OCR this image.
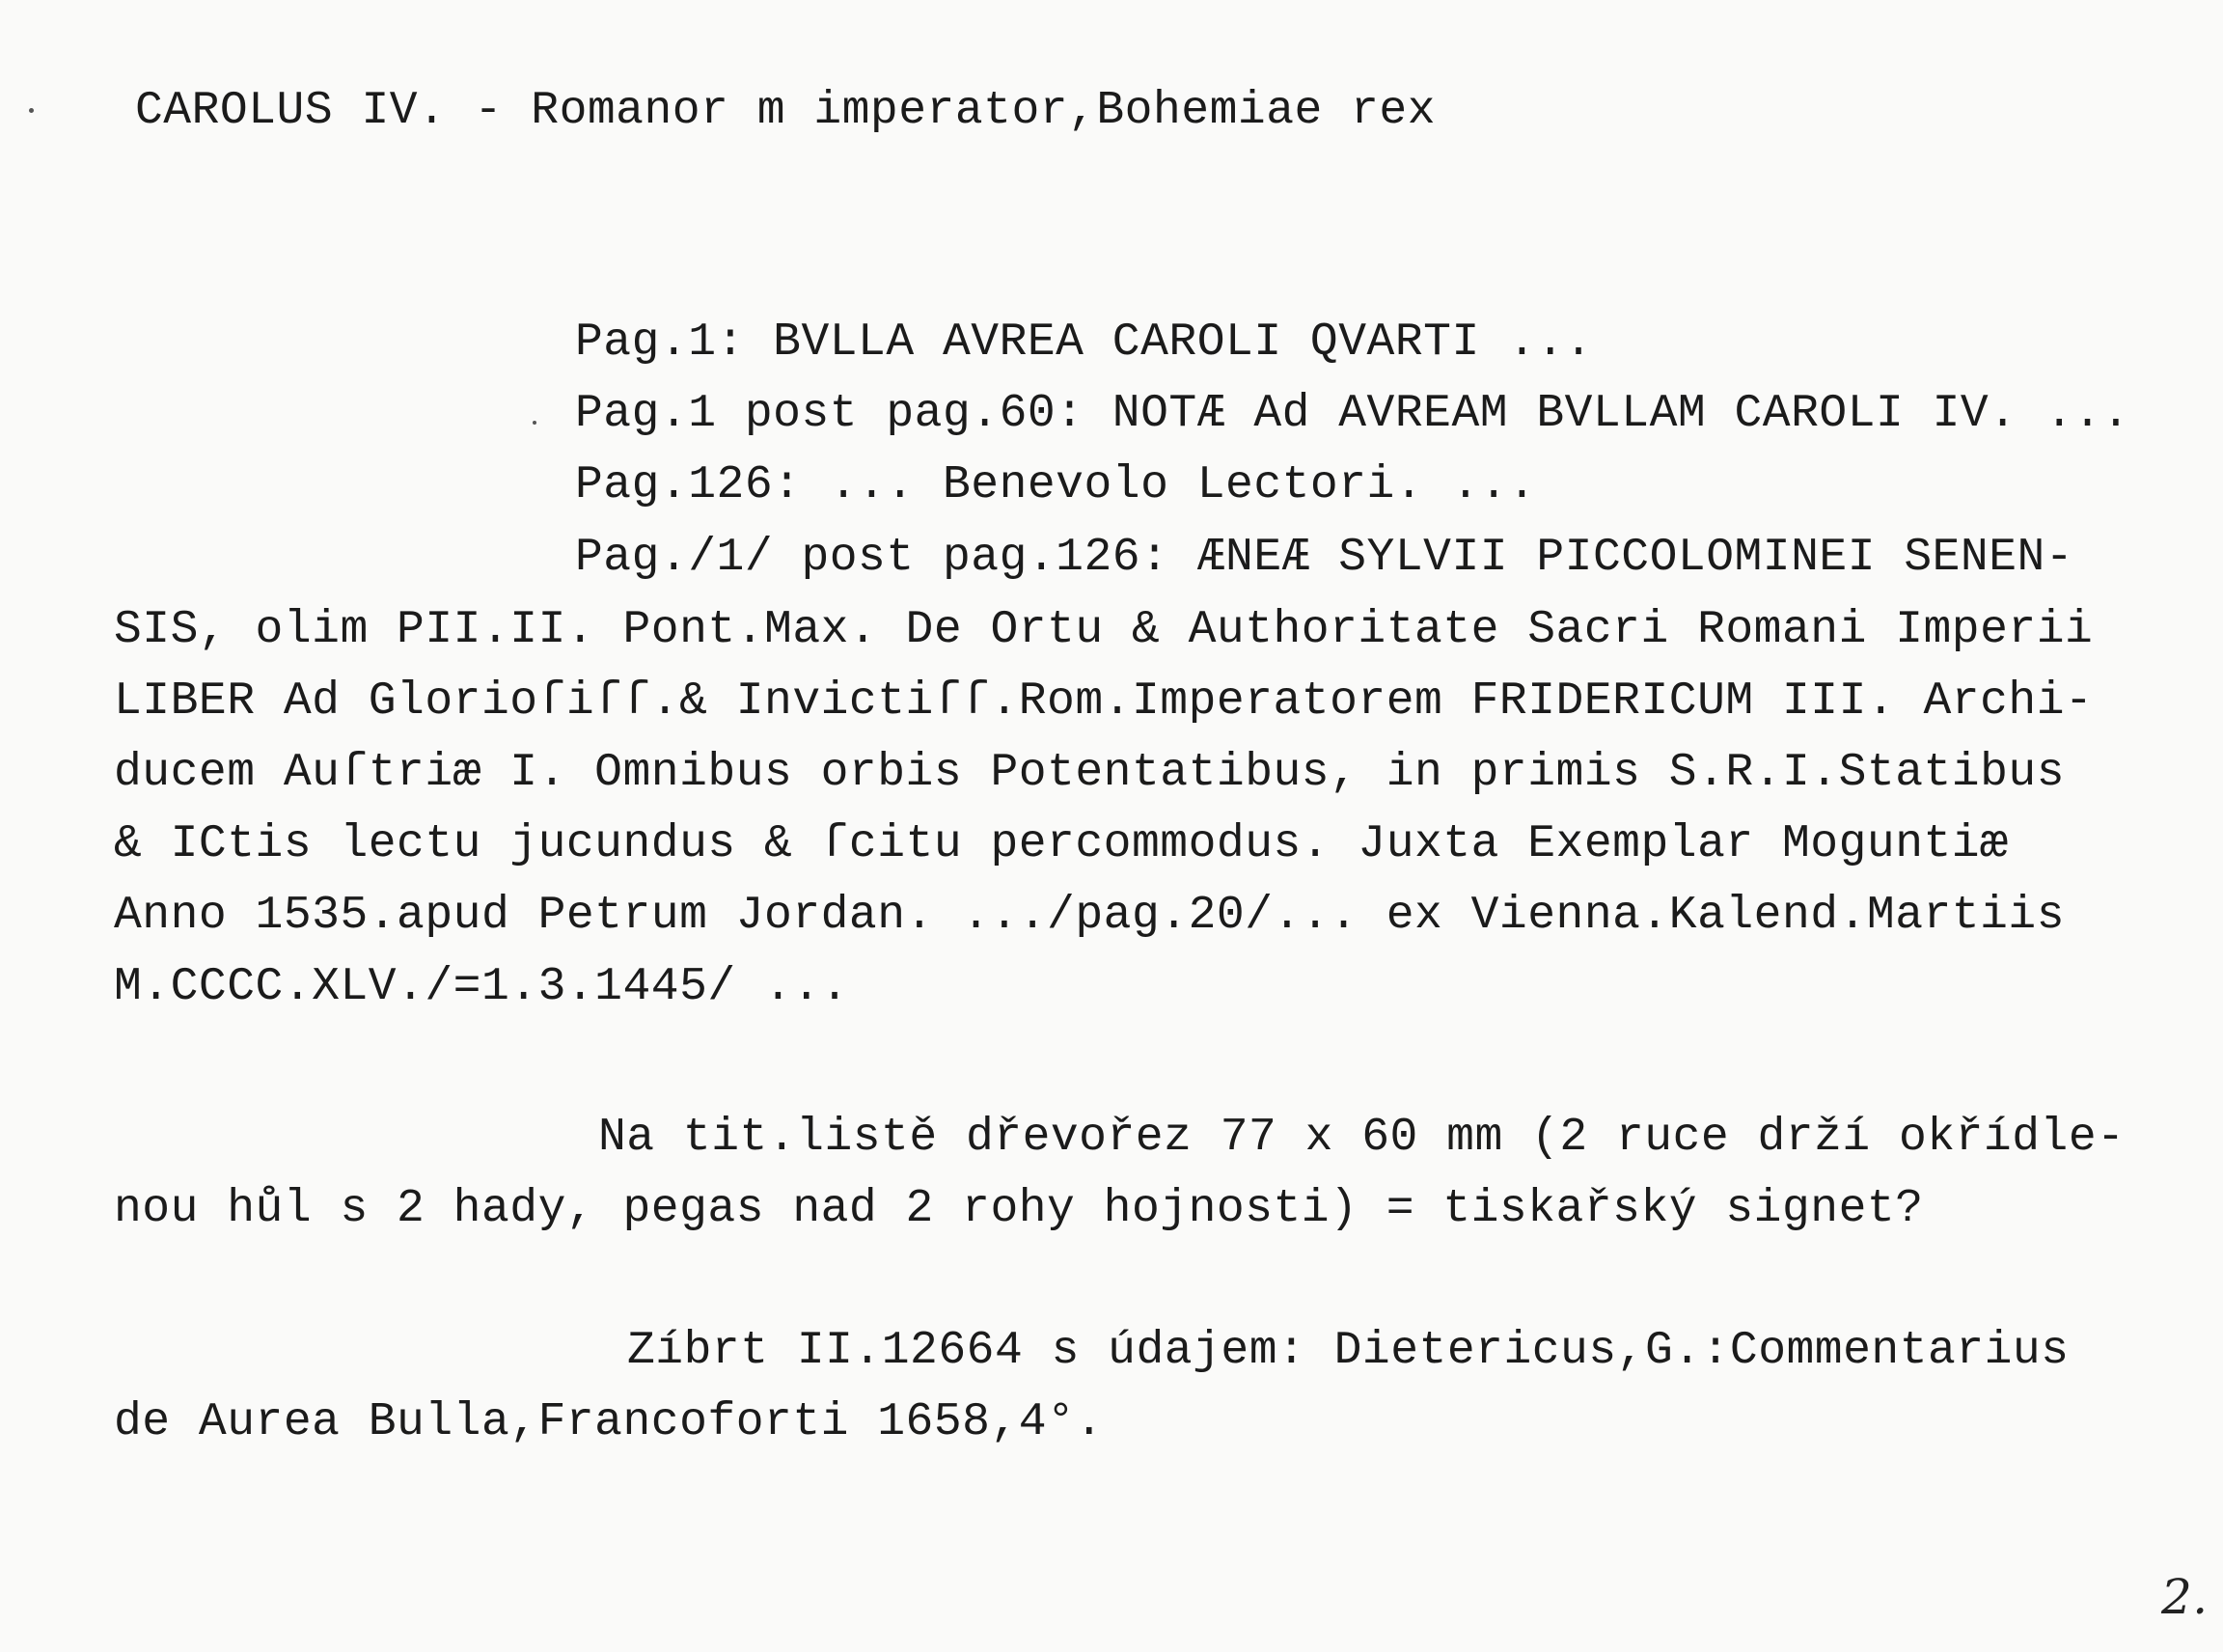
CAROLUS IV. - Romanor m imperator,Bohemiae rex
Pag.1: BVLLA AVREA CAROLI QVARTI ...
Pag.1 post pag.60: NOTÆ Ad AVREAM BVLLAM CAROLI IV. ...
Pag.126: ... Benevolo Lectori. ...
Pag./1/ post pag.126: ÆNEÆ SYLVII PICCOLOMINEI SENEN-
SIS, olim PII.II. Pont.Max. De Ortu & Authoritate Sacri Romani Imperii
LIBER Ad Glorioſiſſ.& Invictiſſ.Rom.Imperatorem FRIDERICUM III. Archi-
ducem Auſtriæ I. Omnibus orbis Potentatibus, in primis S.R.I.Statibus
& ICtis lectu jucundus & ſcitu percommodus. Juxta Exemplar Moguntiæ
Anno 1535.apud Petrum Jordan. .../pag.20/... ex Vienna.Kalend.Martiis
M.CCCC.XLV./=1.3.1445/ ...
Na tit.listě dřevořez 77 x 60 mm (2 ruce drží okřídle-
nou hůl s 2 hady, pegas nad 2 rohy hojnosti) = tiskařský signet?
Zíbrt II.12664 s údajem: Dietericus,G.:Commentarius
de Aurea Bulla,Francoforti 1658,4°.
2.
